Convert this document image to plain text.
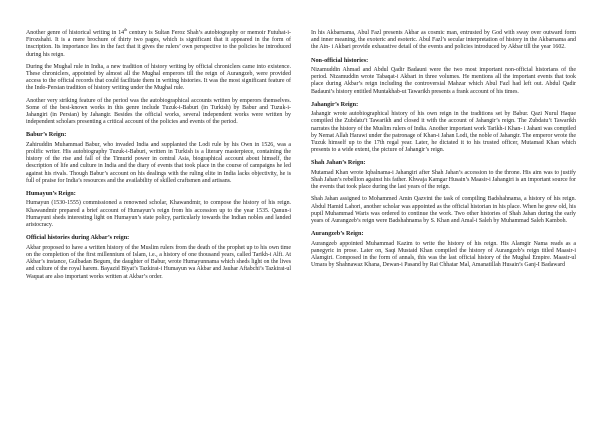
Another genre of historical writing in 14th century is Sultan Feroz Shah’s autobiography or memoir Futuhat-i-Firozshahi. It is a mere brochure of thirty two pages, which is significant that it appeared in the form of inscription. Its importance lies in the fact that it gives the rulers’ own perspective to the policies he introduced during his reign.

During the Mughal rule in India, a new tradition of history writing by official chroniclers came into existence. These chroniclers, appointed by almost all the Mughal emperors till the reign of Aurangzeb, were provided access to the official records that could facilitate them in writing histories. It was the most significant feature of the Indo-Persian tradition of history writing under the Mughal rule.

Another very striking feature of the period was the autobiographical accounts written by emperors themselves. Some of the best-known works in this genre include Tuzuk-i-Baburi (in Turkish) by Babur and Tuzuk-i-Jahangiri (in Persian) by Jahangir. Besides the official works, several independent works were written by independent scholars presenting a critical account of the policies and events of the period.

Babur’s Reign:

Zahiruddin Muhammad Babur, who invaded India and supplanted the Lodi rule by his Own in 1526, was a prolific writer. His autobiography Tuzuk-i-Baburi, written in Turkish is a literary masterpiece, containing the history of the rise and fall of the Timurid power in central Asia, biographical account about himself, the description of life and culture in India and the diary of events that took place in the course of campaigns he led against his rivals. Though Babur’s account on his dealings with the ruling elite in India lacks objectivity, he is full of praise for India’s resources and the availability of skilled craftsmen and artisans.

Humayun’s Reign:

Humayun (1530-1555) commissioned a renowned scholar, Khawandmir, to compose the history of his reign. Khawandmir prepared a brief account of Humayun’s reign from his accession up to the year 1535. Qanun-i Humayuni sheds interesting light on Humayun’s state policy, particularly towards the Indian nobles and landed aristocracy.

Official histories during Akbar’s reign:

Akbar proposed to have a written history of the Muslim rulers from the death of the prophet up to his own time on the completion of the first millennium of Islam, i.e., a history of one thousand years, called Tarikh-i Alfi. At Akbar’s instance, Gulbadan Begum, the daughter of Babur, wrote Humayunnama which sheds light on the lives and culture of the royal harem. Bayazid Biyat’s Tazkirat-i Humayun wa Akbar and Jauhar Aftabchi’s Tazkirat-ul Waquat are also important works written at Akbar’s order.

In his Akbarnama, Abul Fazl presents Akbar as cosmic man, entrusted by God with sway over outward form and inner meaning, the exoteric and esoteric. Abul Fazl’s secular interpretation of history in the Akbarnama and the Ain- i Akbari provide exhaustive detail of the events and policies introduced by Akbar till the year 1602.

Non-official histories:

Nizamuddin Ahmad and Abdul Qadir Badauni were the two most important non-official historians of the period. Nizamuddin wrote Tabaqat-i Akbari in three volumes. He mentions all the important events that took place during Akbar’s reign including the controversial Mahzar which Abul Fazl had left out. Abdul Qadir Badauni’s history entitled Muntakhab-ut Tawarikh presents a frank account of his times.

Jahangir’s Reign:

Jahangir wrote autobiographical history of his own reign in the traditions set by Babur. Qazi Nurul Haque compiled the Zubdatu’t Tawarikh and closed it with the account of Jahangir’s reign. The Zubdatu’t Tawarikh narrates the history of the Muslim rulers of India. Another important work Tarikh-i Khan- i Jahani was compiled by Nemat Allah Harawi under the patronage of Khan-i Jahan Lodi, the noble of Jahangir. The emperor wrote the Tuzuk himself up to the 17th regal year. Later, he dictated it to his trusted officer, Mutamad Khan which presents to a wide extent, the picture of Jahangir’s reign.

Shah Jahan’s Reign:

Mutamad Khan wrote Iqbalnama-i Jahangiri after Shah Jahan’s accession to the throne. His aim was to justify Shah Jahan’s rebellion against his father. Khwaja Kamgar Husain’s Maasir-i Jahangiri is an important source for the events that took place during the last years of the reign.

Shah Jahan assigned to Mohammed Amin Qazvini the task of compiling Badshahnama, a history of his reign. Abdul Hamid Lahori, another scholar was appointed as the official historian in his place. When he grew old, his pupil Muhammad Waris was ordered to continue the work. Two other histories of Shah Jahan during the early years of Aurangzeb’s reign were Badshahnama by S. Khan and Amal-i Saleh by Muhammad Saleh Kamboh.

Aurangzeb’s Reign:

Aurangzeb appointed Muhammad Kazim to write the history of his reign. His Alamgir Nama reads as a panegyric in prose. Later on, Saqi Mustaid Khan compiled the history of Aurangzeb’s reign titled Maasir-i Alamgiri. Composed in the form of annals, this was the last official history of the Mughal Empire. Maasir-ul Umara by Shahnawaz Khana, Dewan-i Pasand by Rai Chhatar Mal, Amanatillah Husain’s Ganj-I Badaward
